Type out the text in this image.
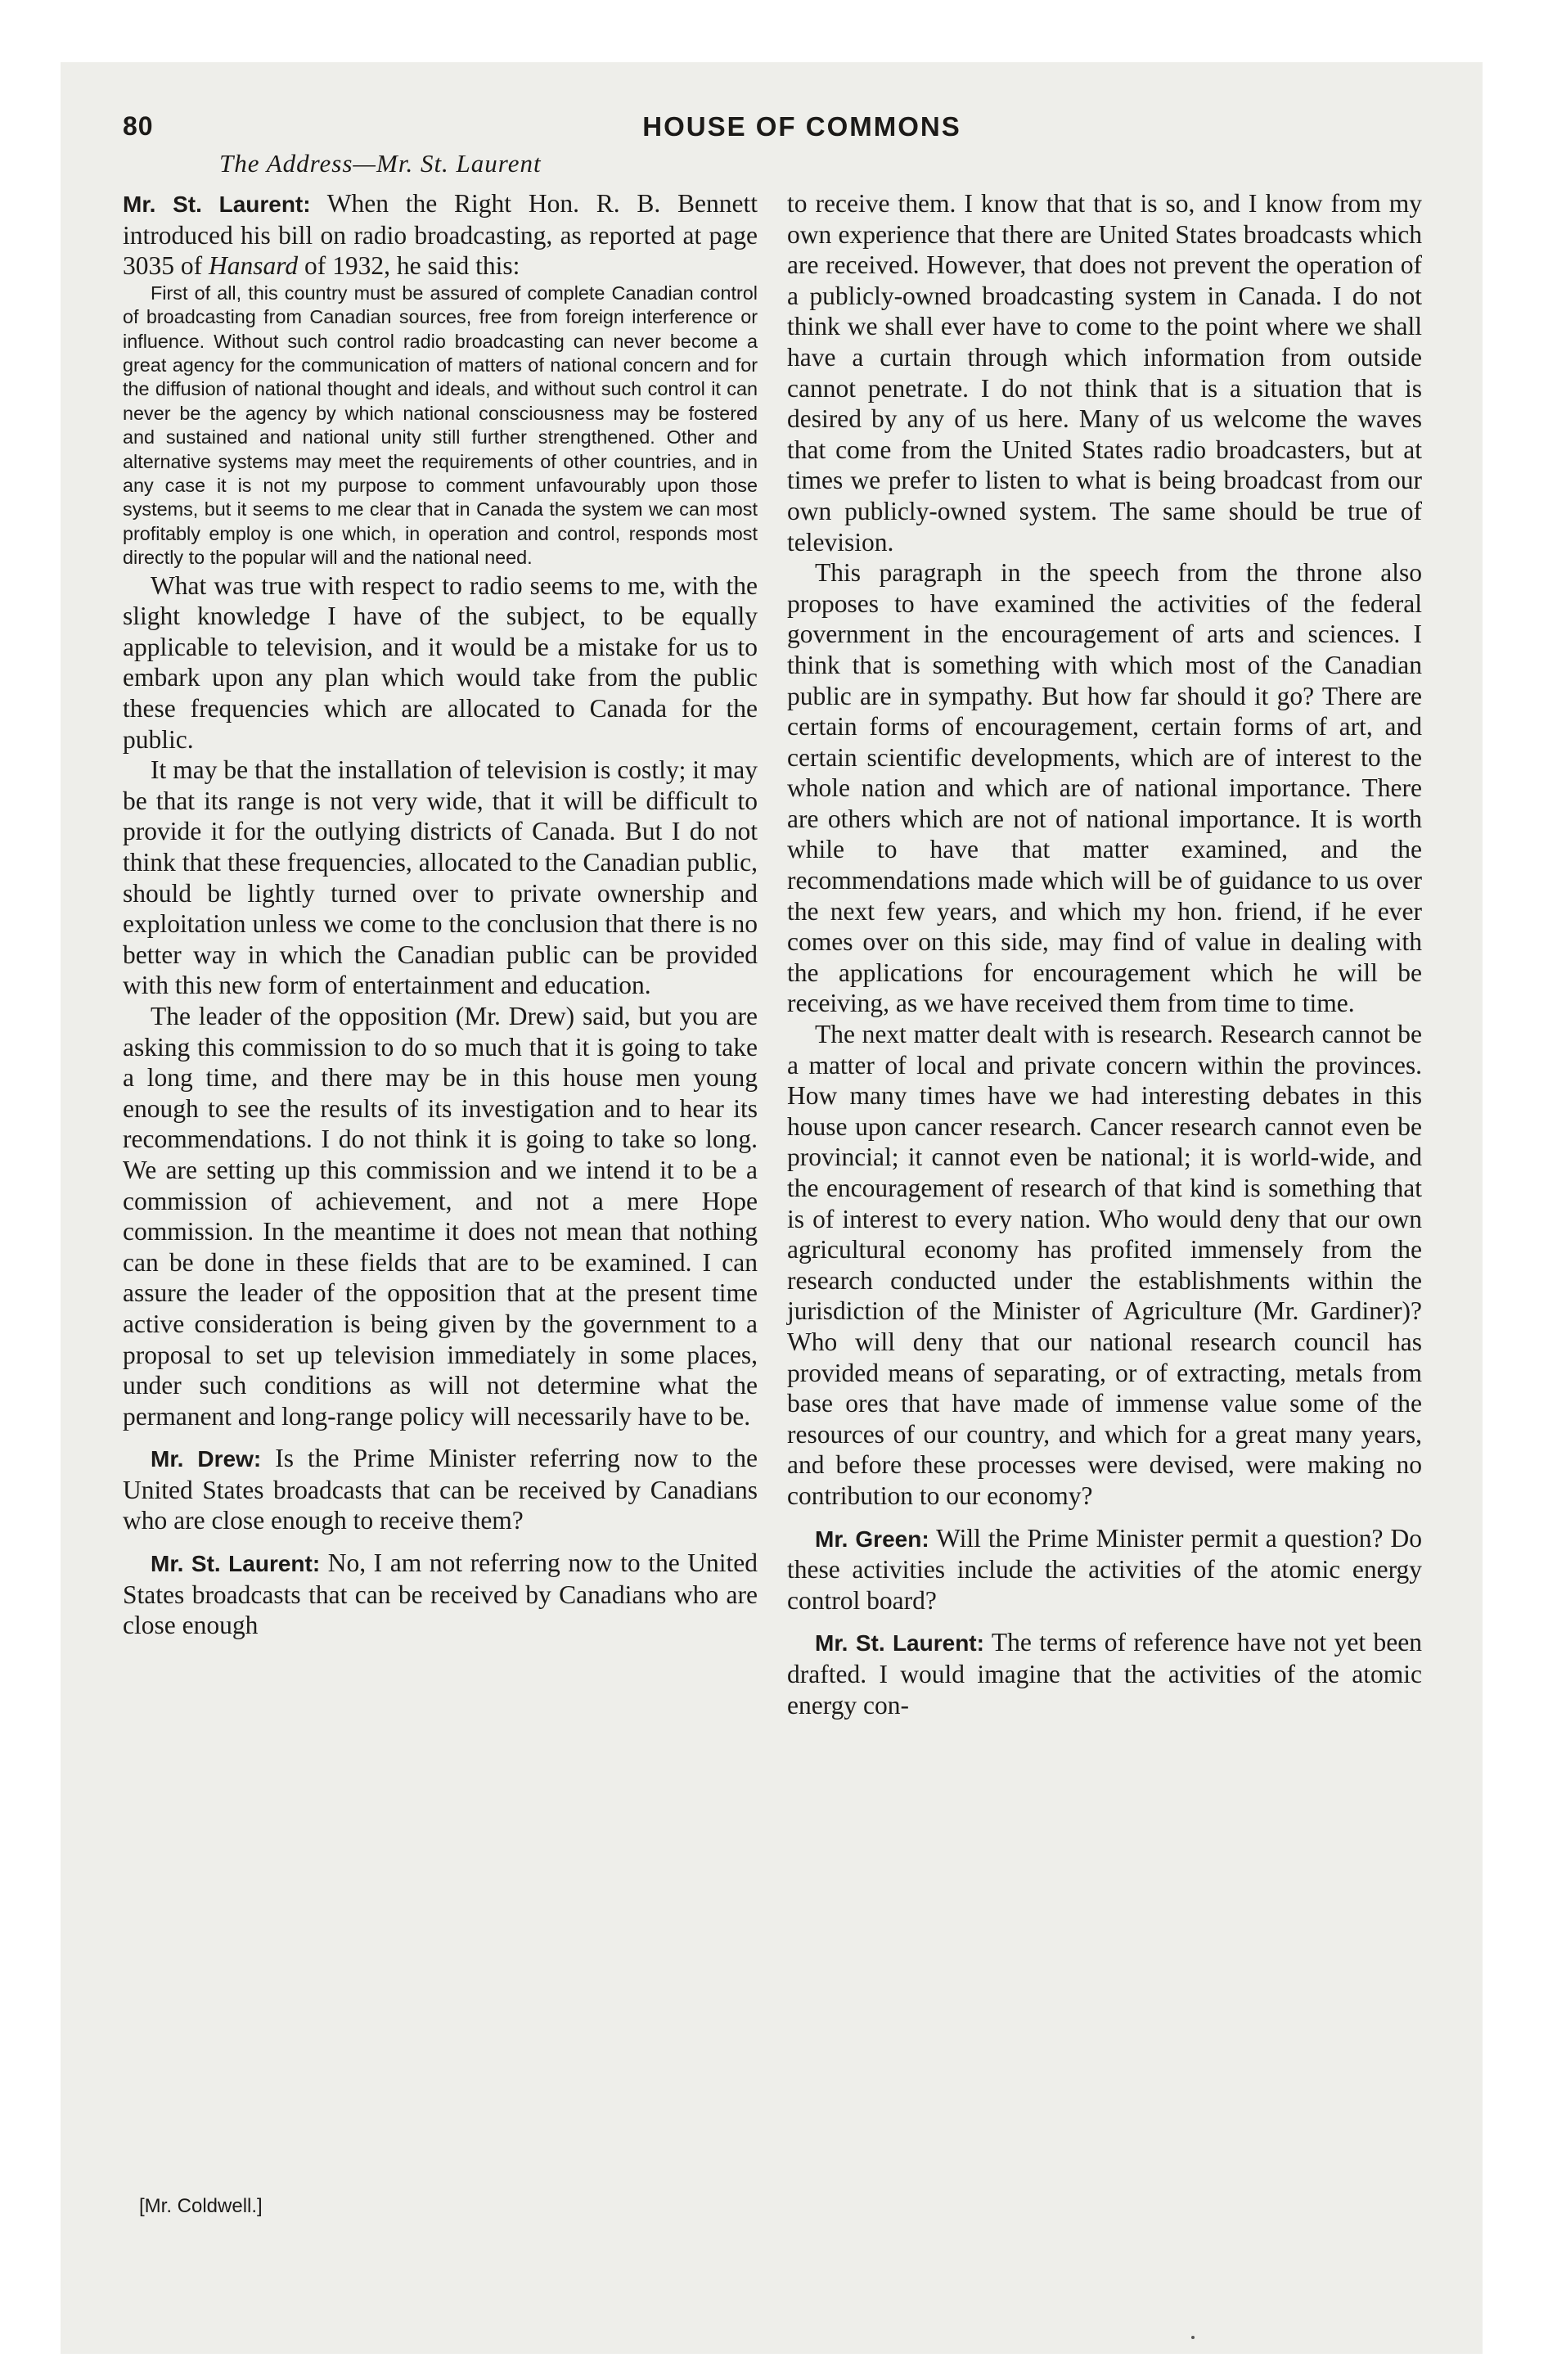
80	HOUSE OF COMMONS
The Address—Mr. St. Laurent

Mr. St. Laurent: When the Right Hon. R. B. Bennett introduced his bill on radio broadcasting, as reported at page 3035 of Hansard of 1932, he said this:

First of all, this country must be assured of complete Canadian control of broadcasting from Canadian sources, free from foreign interference or influence. Without such control radio broadcasting can never become a great agency for the communication of matters of national concern and for the diffusion of national thought and ideals, and without such control it can never be the agency by which national consciousness may be fostered and sustained and national unity still further strengthened. Other and alternative systems may meet the requirements of other countries, and in any case it is not my purpose to comment unfavourably upon those systems, but it seems to me clear that in Canada the system we can most profitably employ is one which, in operation and control, responds most directly to the popular will and the national need.

What was true with respect to radio seems to me, with the slight knowledge I have of the subject, to be equally applicable to television, and it would be a mistake for us to embark upon any plan which would take from the public these frequencies which are allocated to Canada for the public.

It may be that the installation of television is costly; it may be that its range is not very wide, that it will be difficult to provide it for the outlying districts of Canada. But I do not think that these frequencies, allocated to the Canadian public, should be lightly turned over to private ownership and exploitation unless we come to the conclusion that there is no better way in which the Canadian public can be provided with this new form of entertainment and education.

The leader of the opposition (Mr. Drew) said, but you are asking this commission to do so much that it is going to take a long time, and there may be in this house men young enough to see the results of its investigation and to hear its recommendations. I do not think it is going to take so long. We are setting up this commission and we intend it to be a commission of achievement, and not a mere Hope commission. In the meantime it does not mean that nothing can be done in these fields that are to be examined. I can assure the leader of the opposition that at the present time active consideration is being given by the government to a proposal to set up television immediately in some places, under such conditions as will not determine what the permanent and long-range policy will necessarily have to be.

Mr. Drew: Is the Prime Minister referring now to the United States broadcasts that can be received by Canadians who are close enough to receive them?

Mr. St. Laurent: No, I am not referring now to the United States broadcasts that can be received by Canadians who are close enough

to receive them. I know that that is so, and I know from my own experience that there are United States broadcasts which are received. However, that does not prevent the operation of a publicly-owned broadcasting system in Canada. I do not think we shall ever have to come to the point where we shall have a curtain through which information from outside cannot penetrate. I do not think that is a situation that is desired by any of us here. Many of us welcome the waves that come from the United States radio broadcasters, but at times we prefer to listen to what is being broadcast from our own publicly-owned system. The same should be true of television.

This paragraph in the speech from the throne also proposes to have examined the activities of the federal government in the encouragement of arts and sciences. I think that is something with which most of the Canadian public are in sympathy. But how far should it go? There are certain forms of encouragement, certain forms of art, and certain scientific developments, which are of interest to the whole nation and which are of national importance. There are others which are not of national importance. It is worth while to have that matter examined, and the recommendations made which will be of guidance to us over the next few years, and which my hon. friend, if he ever comes over on this side, may find of value in dealing with the applications for encouragement which he will be receiving, as we have received them from time to time.

The next matter dealt with is research. Research cannot be a matter of local and private concern within the provinces. How many times have we had interesting debates in this house upon cancer research. Cancer research cannot even be provincial; it cannot even be national; it is world-wide, and the encouragement of research of that kind is something that is of interest to every nation. Who would deny that our own agricultural economy has profited immensely from the research conducted under the establishments within the jurisdiction of the Minister of Agriculture (Mr. Gardiner)? Who will deny that our national research council has provided means of separating, or of extracting, metals from base ores that have made of immense value some of the resources of our country, and which for a great many years, and before these processes were devised, were making no contribution to our economy?

Mr. Green: Will the Prime Minister permit a question? Do these activities include the activities of the atomic energy control board?

Mr. St. Laurent: The terms of reference have not yet been drafted. I would imagine that the activities of the atomic energy con-

[Mr. Coldwell.]
